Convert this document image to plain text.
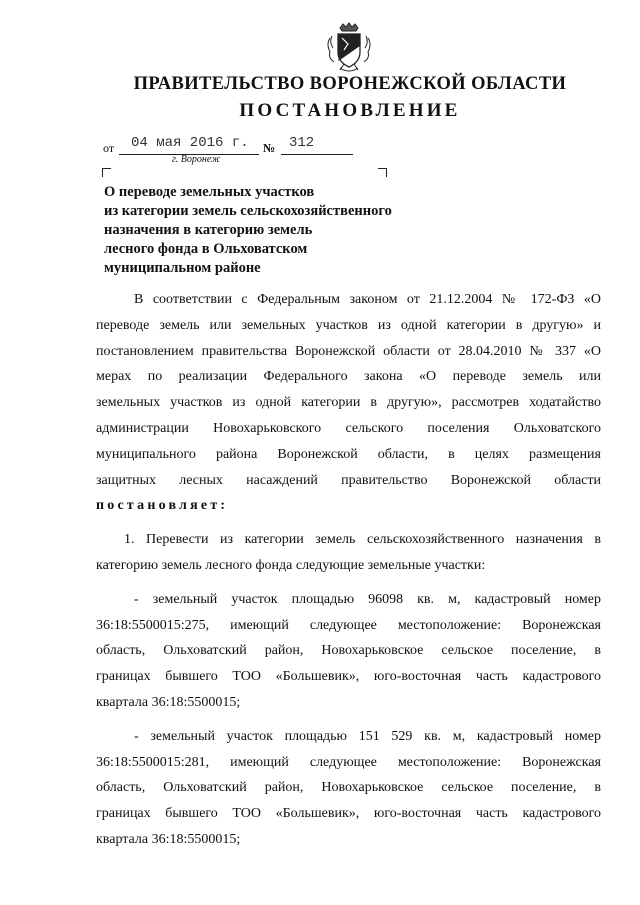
ПРАВИТЕЛЬСТВО ВОРОНЕЖСКОЙ ОБЛАСТИ
ПОСТАНОВЛЕНИЕ
от 04 мая 2016 г. № 312
г. Воронеж
О переводе земельных участков
из категории земель сельскохозяйственного
назначения в категорию земель
лесного фонда в Ольховатском
муниципальном районе
В соответствии с Федеральным законом от 21.12.2004 № 172-ФЗ «О
переводе земель или земельных участков из одной категории в другую» и
постановлением правительства Воронежской области от 28.04.2010 № 337 «О
мерах по реализации Федерального закона «О переводе земель или
земельных участков из одной категории в другую», рассмотрев ходатайство
администрации Новохарьковского сельского поселения Ольховатского
муниципального района Воронежской области, в целях размещения
защитных лесных насаждений правительство Воронежской области
постановляет:
1. Перевести из категории земель сельскохозяйственного назначения в
категорию земель лесного фонда следующие земельные участки:
- земельный участок площадью 96098 кв. м, кадастровый номер
36:18:5500015:275, имеющий следующее местоположение: Воронежская
область, Ольховатский район, Новохарьковское сельское поселение, в
границах бывшего ТОО «Большевик», юго-восточная часть кадастрового
квартала 36:18:5500015;
- земельный участок площадью 151 529 кв. м, кадастровый номер
36:18:5500015:281, имеющий следующее местоположение: Воронежская
область, Ольховатский район, Новохарьковское сельское поселение, в
границах бывшего ТОО «Большевик», юго-восточная часть кадастрового
квартала 36:18:5500015;
